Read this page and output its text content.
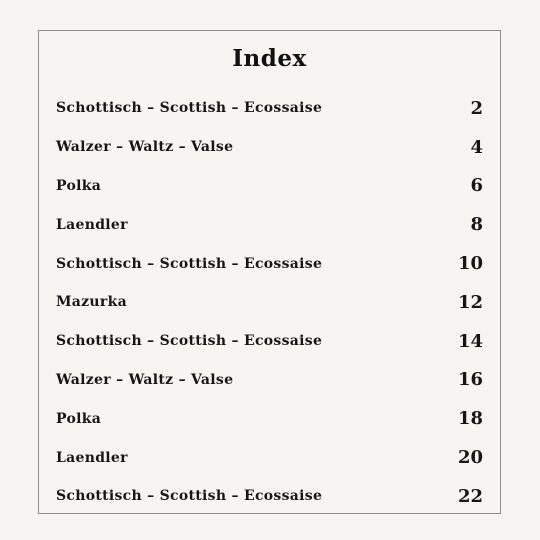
Index
Schottisch – Scottish – Ecossaise	2
Walzer – Waltz – Valse	4
Polka	6
Laendler	8
Schottisch – Scottish – Ecossaise	10
Mazurka	12
Schottisch – Scottish – Ecossaise	14
Walzer – Waltz – Valse	16
Polka	18
Laendler	20
Schottisch – Scottish – Ecossaise	22
